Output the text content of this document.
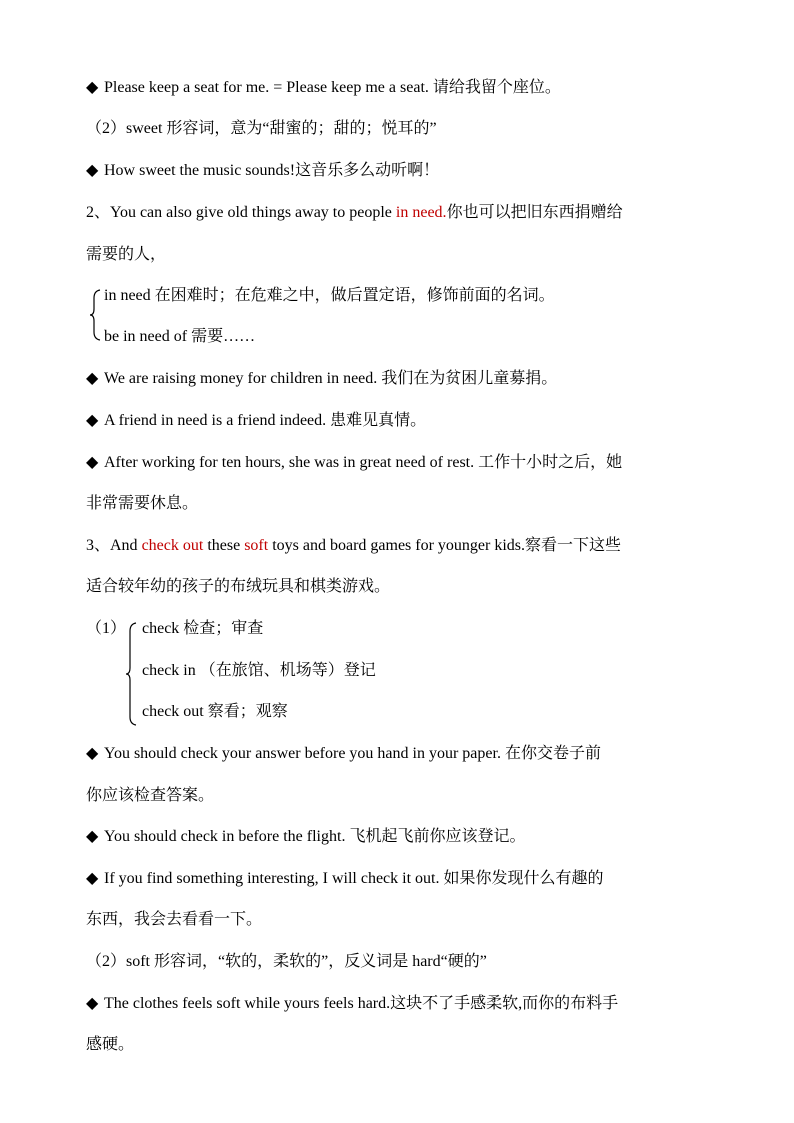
◆ Please keep a seat for me. = Please keep me a seat. 请给我留个座位。
（2）sweet 形容词，意为“甜蜜的；甜的；悦耳的”
◆ How sweet the music sounds!这音乐多么动听啊！
2、You can also give old things away to people in need.你也可以把旧东西捐赠给
需要的人，
in need 在困难时；在危难之中，做后置定语，修饰前面的名词。
be in need of 需要……
◆ We are raising money for children in need. 我们在为贫困儿童募捐。
◆ A friend in need is a friend indeed. 患难见真情。
◆ After working for ten hours, she was in great need of rest. 工作十小时之后，她
非常需要休息。
3、And check out these soft toys and board games for younger kids.察看一下这些
适合较年幼的孩子的布绒玩具和棋类游戏。
（1） check 检查；审查
check in （在旅馆、机场等）登记
check out 察看；观察
◆ You should check your answer before you hand in your paper. 在你交卷子前
你应该检查答案。
◆ You should check in before the flight. 飞机起飞前你应该登记。
◆ If you find something interesting, I will check it out. 如果你发现什么有趣的
东西，我会去看看一下。
（2）soft 形容词，“软的，柔软的”，反义词是 hard“硬的”
◆ The clothes feels soft while yours feels hard.这块不了手感柔软,而你的布料手
感硬。
